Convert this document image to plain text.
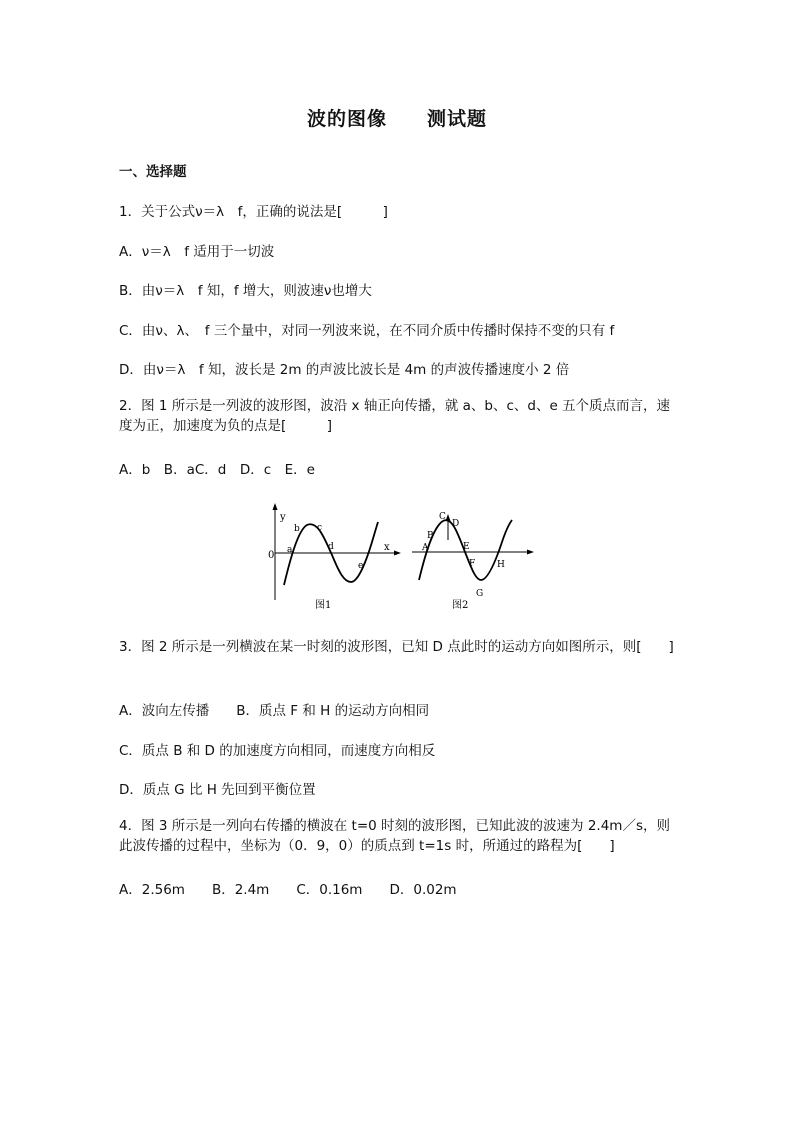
波的图像　　测试题
一、选择题
1．关于公式ν＝λ　f，正确的说法是[　　　]
A．ν＝λ　f 适用于一切波
B．由ν＝λ　f 知，f 增大，则波速ν也增大
C．由ν、λ、　f 三个量中，对同一列波来说，在不同介质中传播时保持不变的只有 f
D．由ν＝λ　f 知，波长是 2m 的声波比波长是 4m 的声波传播速度小 2 倍
2．图 1 所示是一列波的波形图，波沿 x 轴正向传播，就 a、b、c、d、e 五个质点而言，速度为正，加速度为负的点是[　　　]
A．b　B．aC．d　D．c　E．e
y
x
0 a
b c
d
e
图1
A
B
C
D
E
F
G
H
图2
3．图 2 所示是一列横波在某一时刻的波形图，已知 D 点此时的运动方向如图所示，则[　　]
A．波向左传播　　B．质点 F 和 H 的运动方向相同
C．质点 B 和 D 的加速度方向相同，而速度方向相反
D．质点 G 比 H 先回到平衡位置
4．图 3 所示是一列向右传播的横波在 t=0 时刻的波形图，已知此波的波速为 2.4m／s，则此波传播的过程中，坐标为（0．9，0）的质点到 t=1s 时，所通过的路程为[　　]
A．2.56m　　B．2.4m　　C．0.16m　　D．0.02m
